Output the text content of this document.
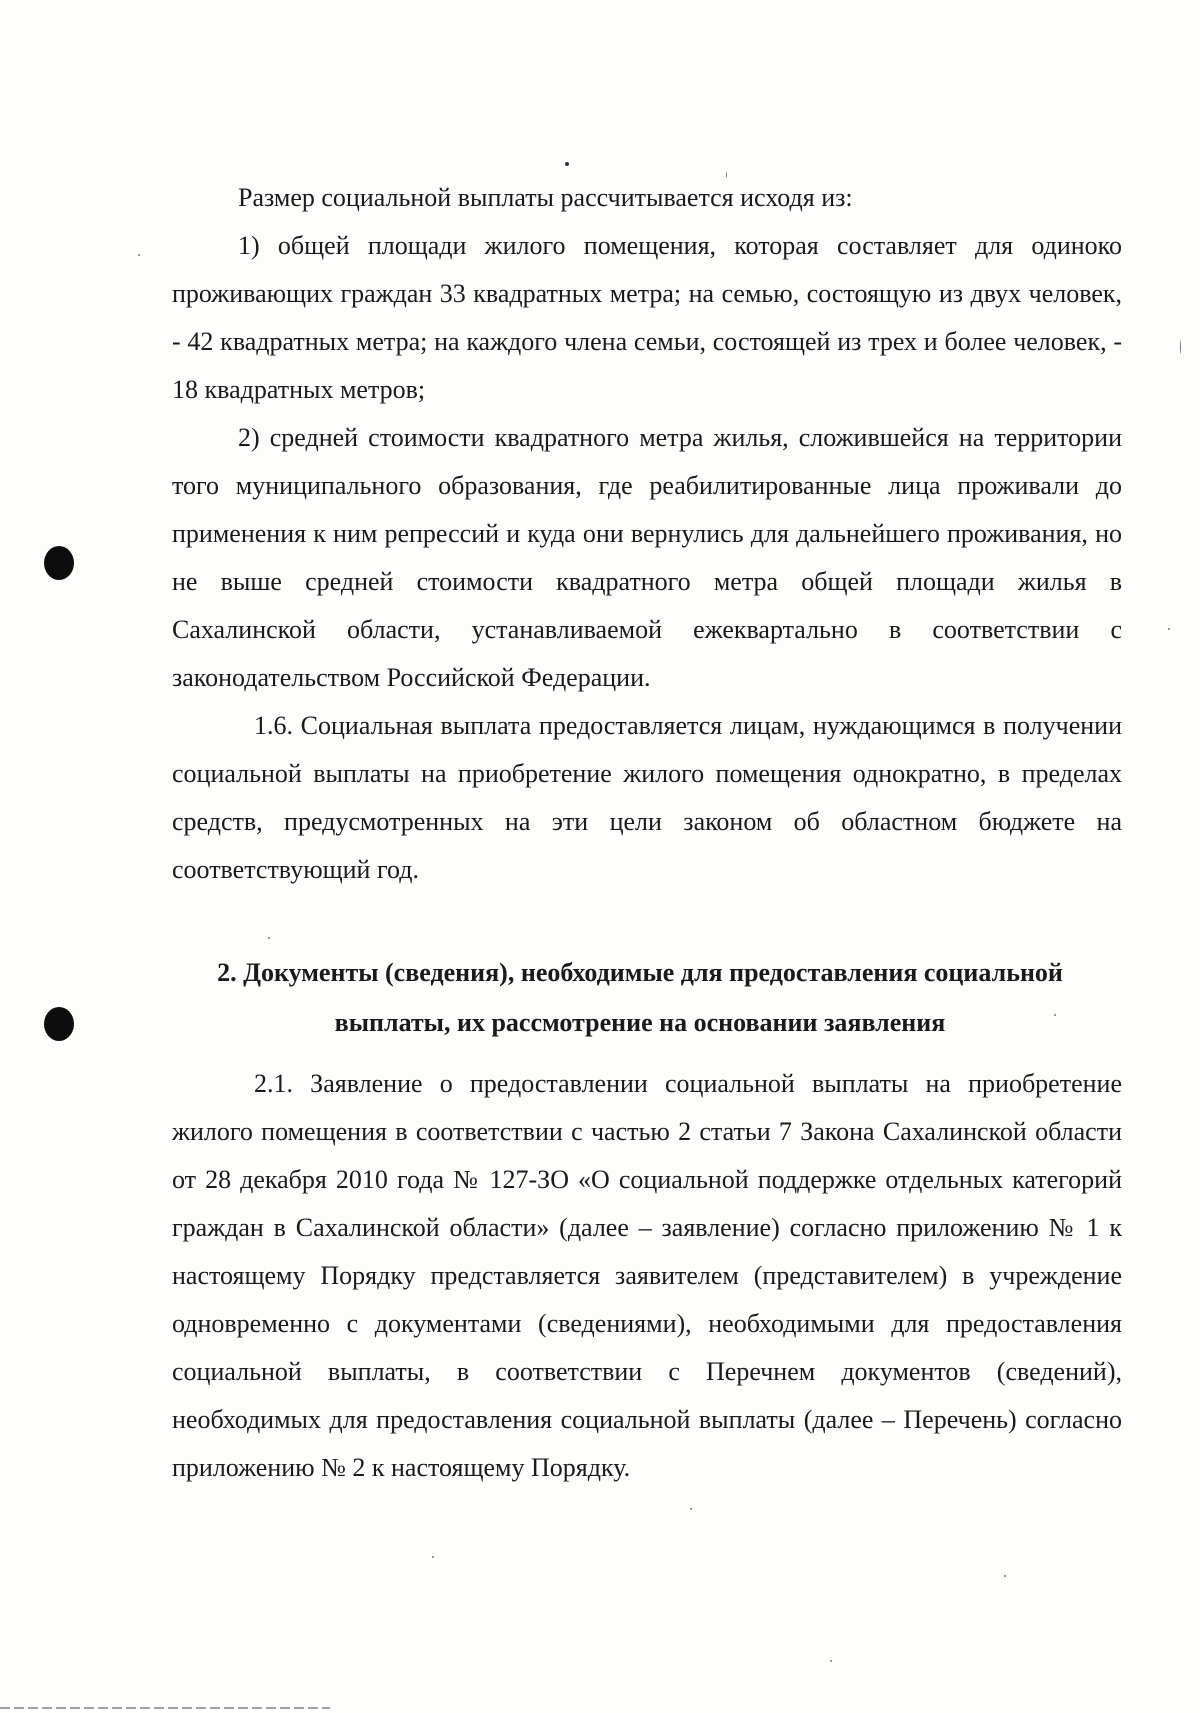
Размер социальной выплаты рассчитывается исходя из:

1) общей площади жилого помещения, которая составляет для одиноко проживающих граждан 33 квадратных метра; на семью, состоящую из двух человек, - 42 квадратных метра; на каждого члена семьи, состоящей из трех и более человек, - 18 квадратных метров;

2) средней стоимости квадратного метра жилья, сложившейся на территории того муниципального образования, где реабилитированные лица проживали до применения к ним репрессий и куда они вернулись для дальнейшего проживания, но не выше средней стоимости квадратного метра общей площади жилья в Сахалинской области, устанавливаемой ежеквартально в соответствии с законодательством Российской Федерации.

1.6. Социальная выплата предоставляется лицам, нуждающимся в получении социальной выплаты на приобретение жилого помещения однократно, в пределах средств, предусмотренных на эти цели законом об областном бюджете на соответствующий год.

2. Документы (сведения), необходимые для предоставления социальной
выплаты, их рассмотрение на основании заявления

2.1. Заявление о предоставлении социальной выплаты на приобретение жилого помещения в соответствии с частью 2 статьи 7 Закона Сахалинской области от 28 декабря 2010 года № 127-ЗО «О социальной поддержке отдельных категорий граждан в Сахалинской области» (далее – заявление) согласно приложению № 1 к настоящему Порядку представляется заявителем (представителем) в учреждение одновременно с документами (сведениями), необходимыми для предоставления социальной выплаты, в соответствии с Перечнем документов (сведений), необходимых для предоставления социальной выплаты (далее – Перечень) согласно приложению № 2 к настоящему Порядку.
